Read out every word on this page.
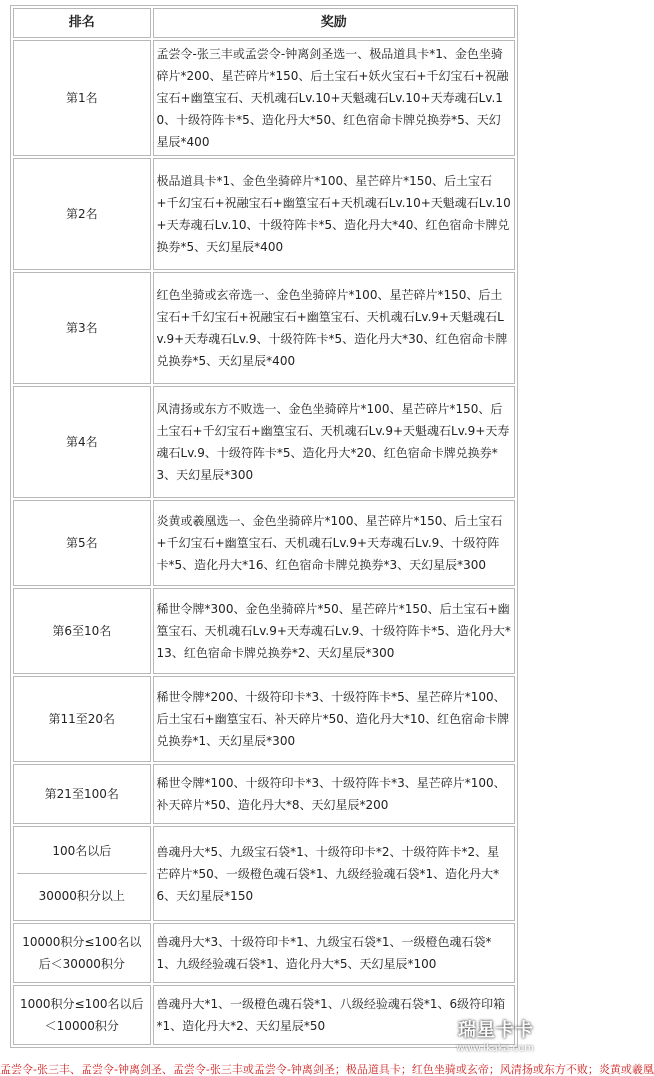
排名	奖励
第1名	孟尝令-张三丰或孟尝令-钟离剑圣选一、极品道具卡*1、金色坐骑碎片*200、星芒碎片*150、后土宝石+妖火宝石+千幻宝石+祝融宝石+幽篁宝石、天机魂石Lv.10+天魁魂石Lv.10+天寿魂石Lv.10、十级符阵卡*5、造化丹大*50、红色宿命卡牌兑换券*5、天幻星辰*400
第2名	极品道具卡*1、金色坐骑碎片*100、星芒碎片*150、后土宝石+千幻宝石+祝融宝石+幽篁宝石+天机魂石Lv.10+天魁魂石Lv.10+天寿魂石Lv.10、十级符阵卡*5、造化丹大*40、红色宿命卡牌兑换券*5、天幻星辰*400
第3名	红色坐骑或玄帝选一、金色坐骑碎片*100、星芒碎片*150、后土宝石+千幻宝石+祝融宝石+幽篁宝石、天机魂石Lv.9+天魁魂石Lv.9+天寿魂石Lv.9、十级符阵卡*5、造化丹大*30、红色宿命卡牌兑换券*5、天幻星辰*400
第4名	风清扬或东方不败选一、金色坐骑碎片*100、星芒碎片*150、后土宝石+千幻宝石+幽篁宝石、天机魂石Lv.9+天魁魂石Lv.9+天寿魂石Lv.9、十级符阵卡*5、造化丹大*20、红色宿命卡牌兑换券*3、天幻星辰*300
第5名	炎黄或羲凰选一、金色坐骑碎片*100、星芒碎片*150、后土宝石+千幻宝石+幽篁宝石、天机魂石Lv.9+天寿魂石Lv.9、十级符阵卡*5、造化丹大*16、红色宿命卡牌兑换券*3、天幻星辰*300
第6至10名	稀世令牌*300、金色坐骑碎片*50、星芒碎片*150、后土宝石+幽篁宝石、天机魂石Lv.9+天寿魂石Lv.9、十级符阵卡*5、造化丹大*13、红色宿命卡牌兑换券*2、天幻星辰*300
第11至20名	稀世令牌*200、十级符印卡*3、十级符阵卡*5、星芒碎片*100、后土宝石+幽篁宝石、补天碎片*50、造化丹大*10、红色宿命卡牌兑换券*1、天幻星辰*300
第21至100名	稀世令牌*100、十级符印卡*3、十级符阵卡*3、星芒碎片*100、补天碎片*50、造化丹大*8、天幻星辰*200

100名以后
30000积分以上	兽魂丹大*5、九级宝石袋*1、十级符印卡*2、十级符阵卡*2、星芒碎片*50、一级橙色魂石袋*1、九级经验魂石袋*1、造化丹大*6、天幻星辰*150
10000积分≤100名以后＜30000积分	兽魂丹大*3、十级符印卡*1、九级宝石袋*1、一级橙色魂石袋*1、九级经验魂石袋*1、造化丹大*5、天幻星辰*100
1000积分≤100名以后＜10000积分	兽魂丹大*1、一级橙色魂石袋*1、八级经验魂石袋*1、6级符印箱*1、造化丹大*2、天幻星辰*50	瑞星卡卡
www.ikaka.com
孟尝令-张三丰、孟尝令-钟离剑圣、孟尝令-张三丰或孟尝令-钟离剑圣；极品道具卡；红色坐骑或玄帝；风清扬或东方不败；炎黄或羲凰
